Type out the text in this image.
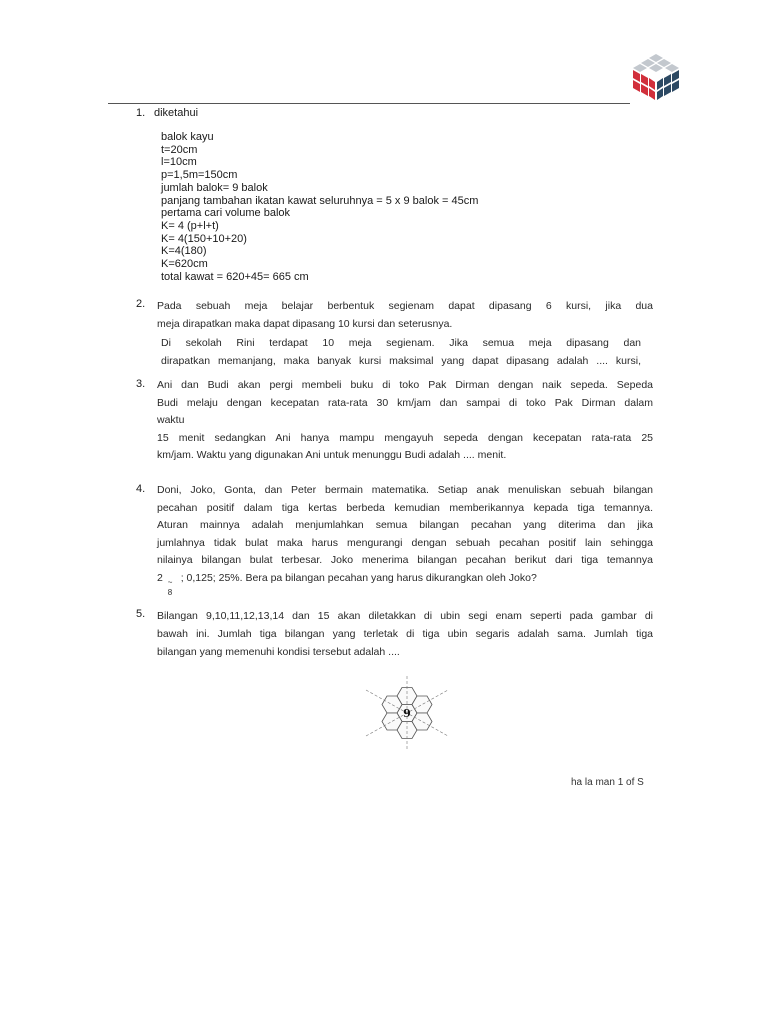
1. diketahui
balok kayu
t=20cm
l=10cm
p=1,5m=150cm
jumlah balok= 9 balok
panjang tambahan ikatan kawat seluruhnya = 5 x 9 balok = 45cm
pertama cari volume balok
K= 4 (p+l+t)
K= 4(150+10+20)
K=4(180)
K=620cm
total kawat = 620+45= 665 cm
2. Pada sebuah meja belajar berbentuk segienam dapat dipasang 6 kursi, jika dua
meja dirapatkan maka dapat dipasang 10 kursi dan seterusnya.
Di sekolah Rini terdapat 10 meja segienam. Jika semua meja dipasang dan
dirapatkan memanjang, maka banyak kursi maksimal yang dapat dipasang adalah .... kursi,
3. Ani dan Budi akan pergi membeli buku di toko Pak Dirman dengan naik sepeda. Sepeda
Budi melaju dengan kecepatan rata-rata 30 km/jam dan sampai di toko Pak Dirman dalam
waktu
15 menit sedangkan Ani hanya mampu mengayuh sepeda dengan kecepatan rata-rata 25
km/jam. Waktu yang digunakan Ani untuk menunggu Budi adalah .... menit.
4. Doni, Joko, Gonta, dan Peter bermain matematika. Setiap anak menuliskan sebuah bilangan
pecahan positif dalam tiga kertas berbeda kemudian memberikannya kepada tiga temannya.
Aturan mainnya adalah menjumlahkan semua bilangan pecahan yang diterima dan jika
jumlahnya tidak bulat maka harus mengurangi dengan sebuah pecahan positif lain sehingga
nilainya bilangan bulat terbesar. Joko menerima bilangan pecahan berikut dari tiga temannya
2 ~
8
; 0,125; 25%. Bera pa bilangan pecahan yang harus dikurangkan oleh Joko?
5. Bilangan 9,10,11,12,13,14 dan 15 akan diletakkan di ubin segi enam seperti pada gambar di
bawah ini. Jumlah tiga bilangan yang terletak di tiga ubin segaris adalah sama. Jumlah tiga
bilangan yang memenuhi kondisi tersebut adalah ....
9
ha la man 1 of S
